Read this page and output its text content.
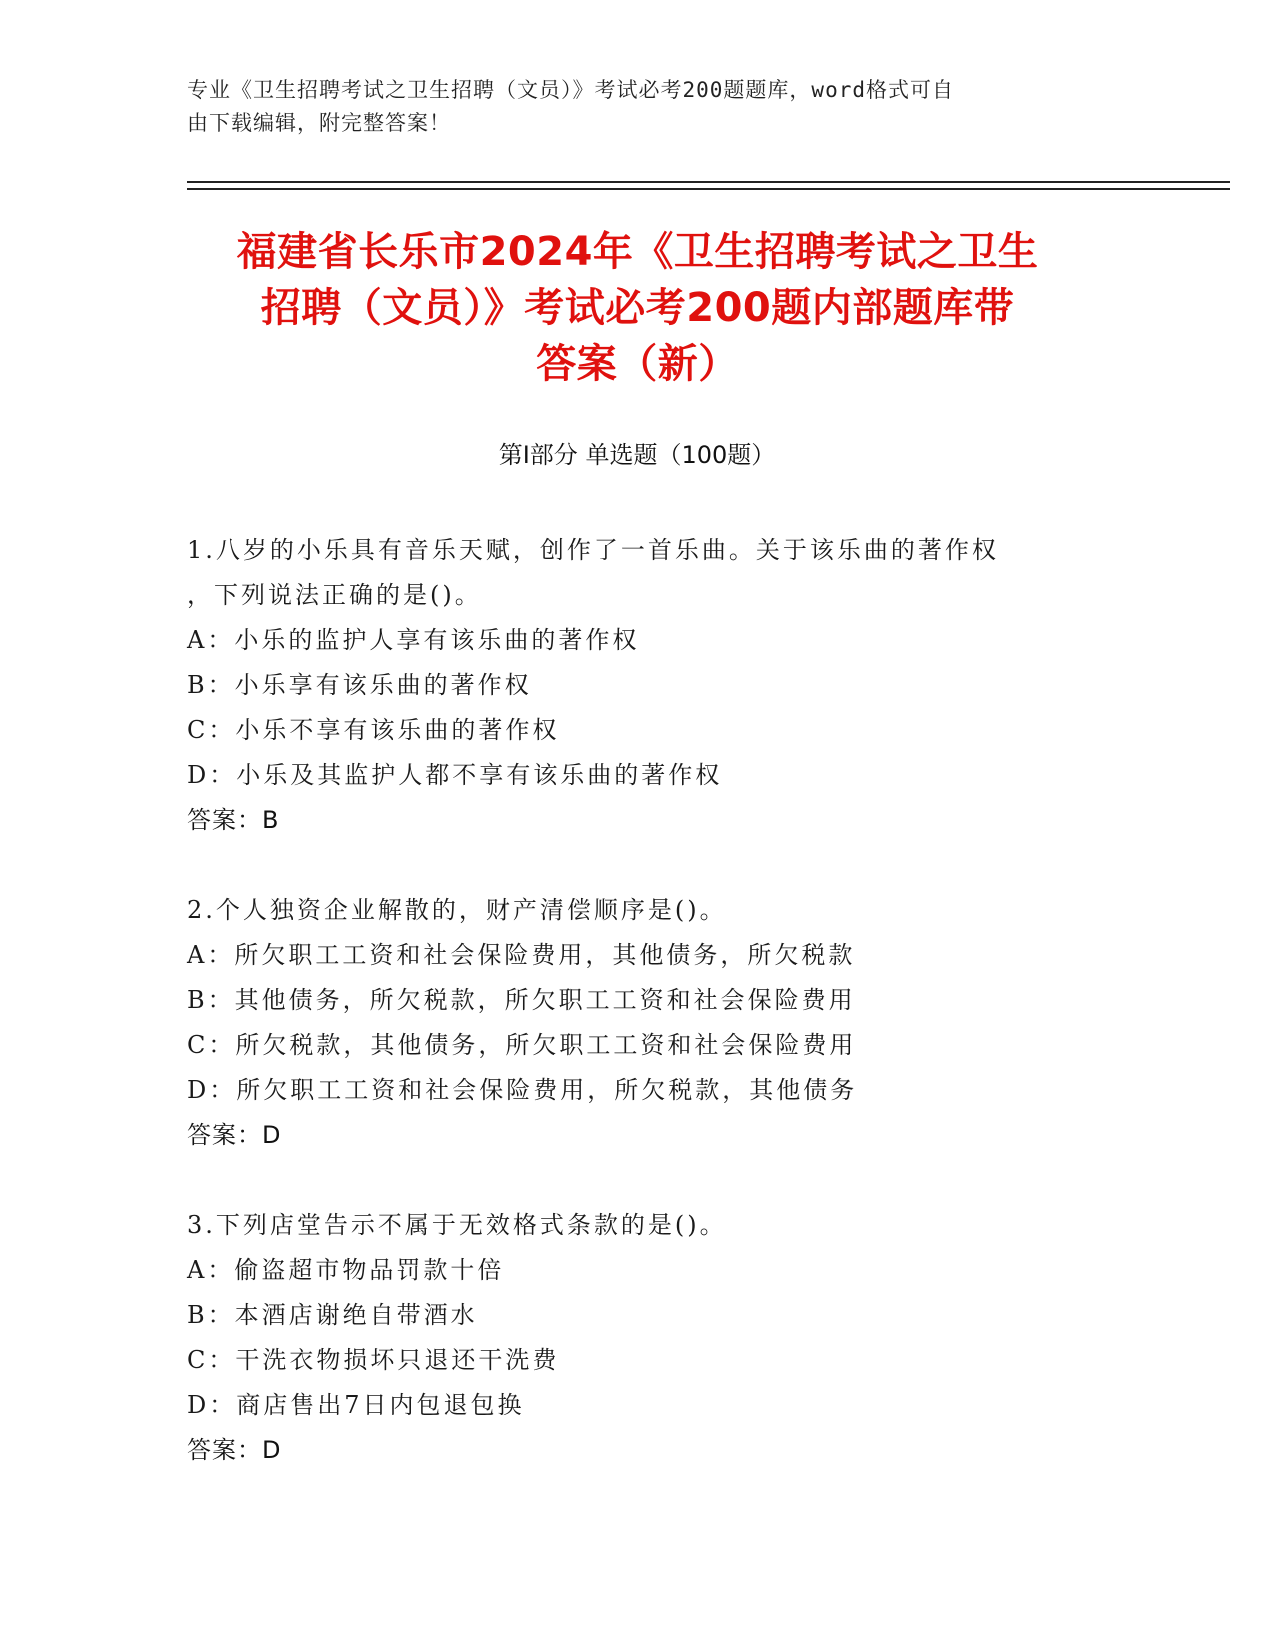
专业《卫生招聘考试之卫生招聘（文员）》考试必考200题题库，word格式可自
由下载编辑，附完整答案！
福建省长乐市2024年《卫生招聘考试之卫生
招聘（文员）》考试必考200题内部题库带
答案（新）
第Ⅰ部分 单选题（100题）
1.八岁的小乐具有音乐天赋，创作了一首乐曲。关于该乐曲的著作权
，下列说法正确的是()。
A：小乐的监护人享有该乐曲的著作权
B：小乐享有该乐曲的著作权
C：小乐不享有该乐曲的著作权
D：小乐及其监护人都不享有该乐曲的著作权
答案：B
2.个人独资企业解散的，财产清偿顺序是()。
A：所欠职工工资和社会保险费用，其他债务，所欠税款
B：其他债务，所欠税款，所欠职工工资和社会保险费用
C：所欠税款，其他债务，所欠职工工资和社会保险费用
D：所欠职工工资和社会保险费用，所欠税款，其他债务
答案：D
3.下列店堂告示不属于无效格式条款的是()。
A：偷盗超市物品罚款十倍
B：本酒店谢绝自带酒水
C：干洗衣物损坏只退还干洗费
D：商店售出7日内包退包换
答案：D
